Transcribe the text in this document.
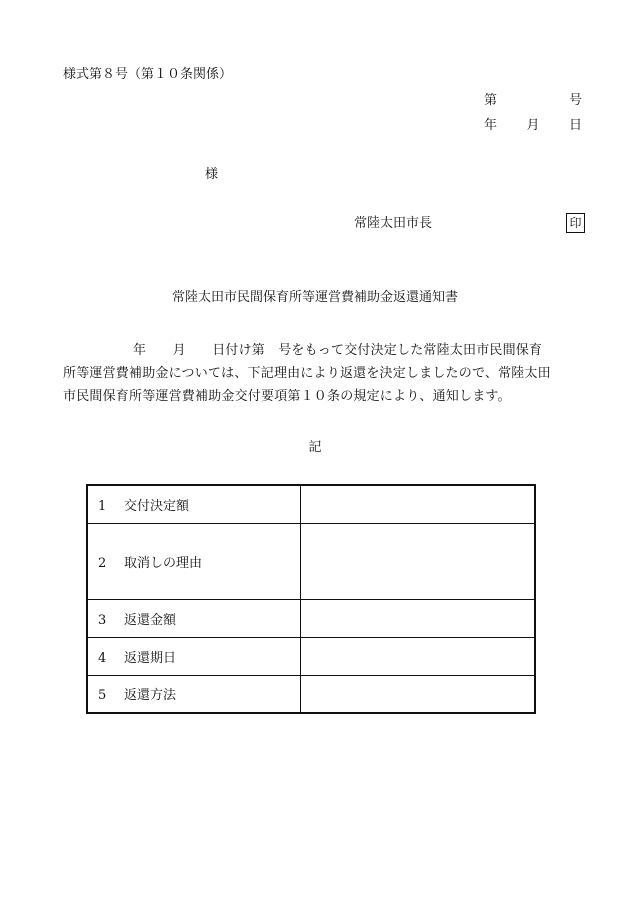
様式第８号（第１０条関係）
第	号
年 月 日
様
常陸太田市長	印
常陸太田市民間保育所等運営費補助金返還通知書
年　　月　　日付け第　号をもって交付決定した常陸太田市民間保育
所等運営費補助金については、下記理由により返還を決定しましたので、常陸太田
市民間保育所等運営費補助金交付要項第１０条の規定により、通知します。
記
1 交付決定額	
2 取消しの理由	
3 返還金額	
4 返還期日	
5 返還方法	
